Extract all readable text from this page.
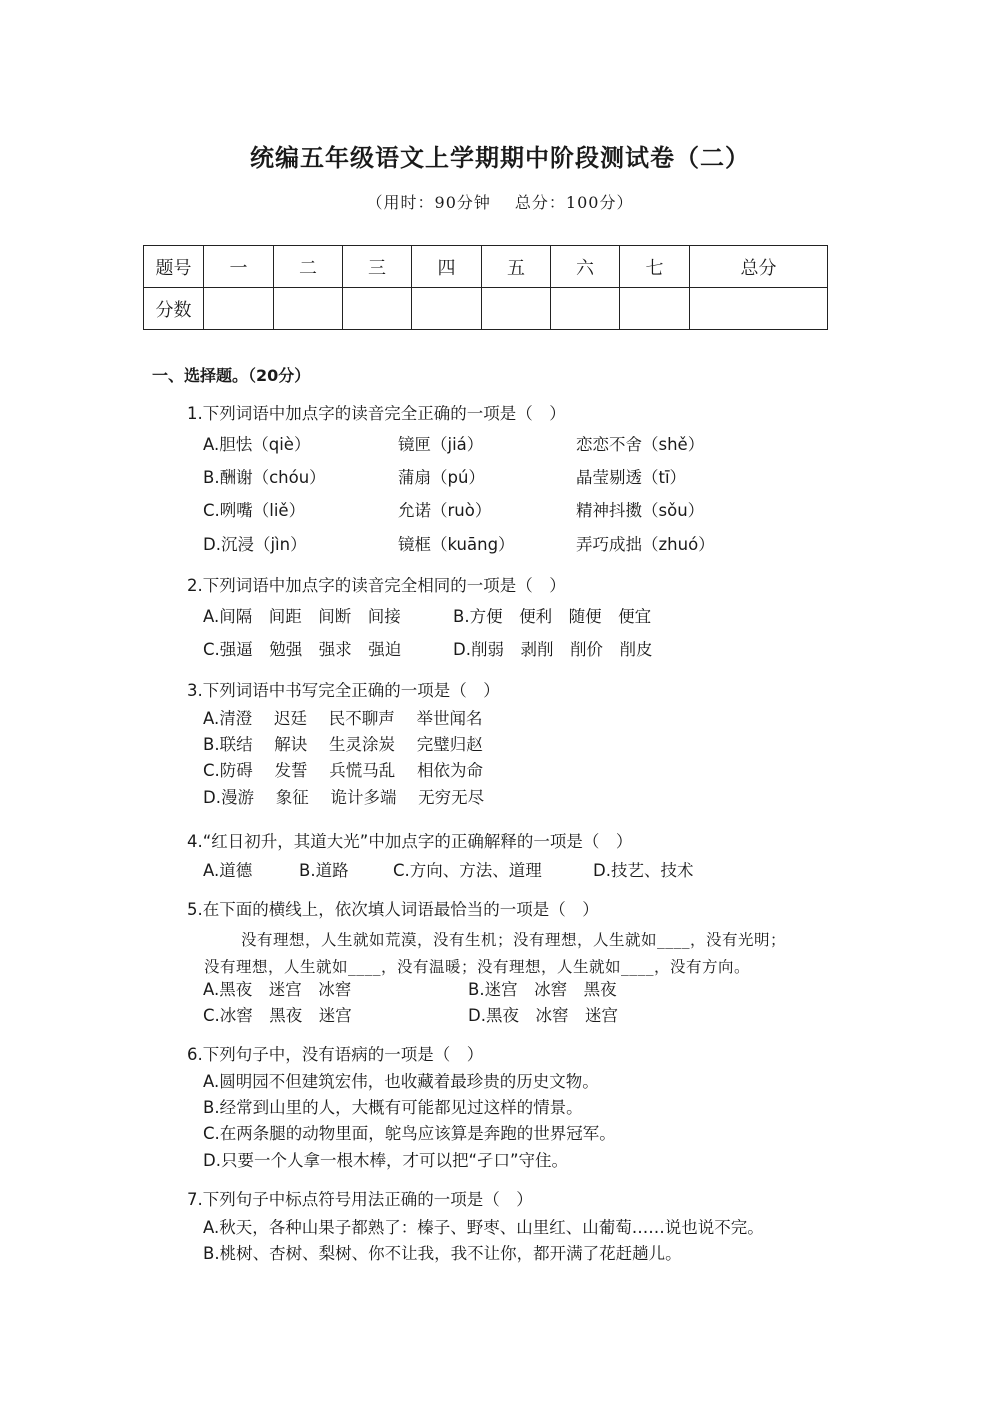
统编五年级语文上学期期中阶段测试卷（二）
（用时：90分钟 总分：100分）
题号	一	二	三	四	五	六	七	总分
分数								
一、选择题。（20分）
1.下列词语中加点字的读音完全正确的一项是（　）
A.胆怯（qiè）	镜匣（jiá）	恋恋不舍（shě）
B.酬谢（chóu）	蒲扇（pú）	晶莹剔透（tī）
C.咧嘴（liě）	允诺（ruò）	精神抖擞（sǒu）
D.沉浸（jìn）	镜框（kuāng）	弄巧成拙（zhuó）
2.下列词语中加点字的读音完全相同的一项是（　）
A.间隔　间距　间断　间接	B.方便　便利　随便　便宜
C.强逼　勉强　强求　强迫	D.削弱　剥削　削价　削皮
3.下列词语中书写完全正确的一项是（　）
A.清澄　 迟廷　 民不聊声　 举世闻名
B.联结　 解诀　 生灵涂炭　 完璧归赵
C.防碍　 发誓　 兵慌马乱　 相依为命
D.漫游　 象征　 诡计多端　 无穷无尽
4.“红日初升，其道大光”中加点字的正确解释的一项是（　）
A.道德	B.道路	C.方向、方法、道理	D.技艺、技术
5.在下面的横线上，依次填人词语最恰当的一项是（　）
没有理想，人生就如荒漠，没有生机；没有理想，人生就如____，没有光明；
没有理想，人生就如____，没有温暖；没有理想，人生就如____，没有方向。
A.黑夜　迷宫　冰窖	B.迷宫　冰窖　黑夜
C.冰窖　黑夜　迷宫	D.黑夜　冰窖　迷宫
6.下列句子中，没有语病的一项是（　）
A.圆明园不但建筑宏伟，也收藏着最珍贵的历史文物。
B.经常到山里的人，大概有可能都见过这样的情景。
C.在两条腿的动物里面，鸵鸟应该算是奔跑的世界冠军。
D.只要一个人拿一根木棒，才可以把“孑口”守住。
7.下列句子中标点符号用法正确的一项是（　）
A.秋天，各种山果子都熟了：榛子、野枣、山里红、山葡萄……说也说不完。
B.桃树、杏树、梨树、你不让我，我不让你，都开满了花赶趟儿。
